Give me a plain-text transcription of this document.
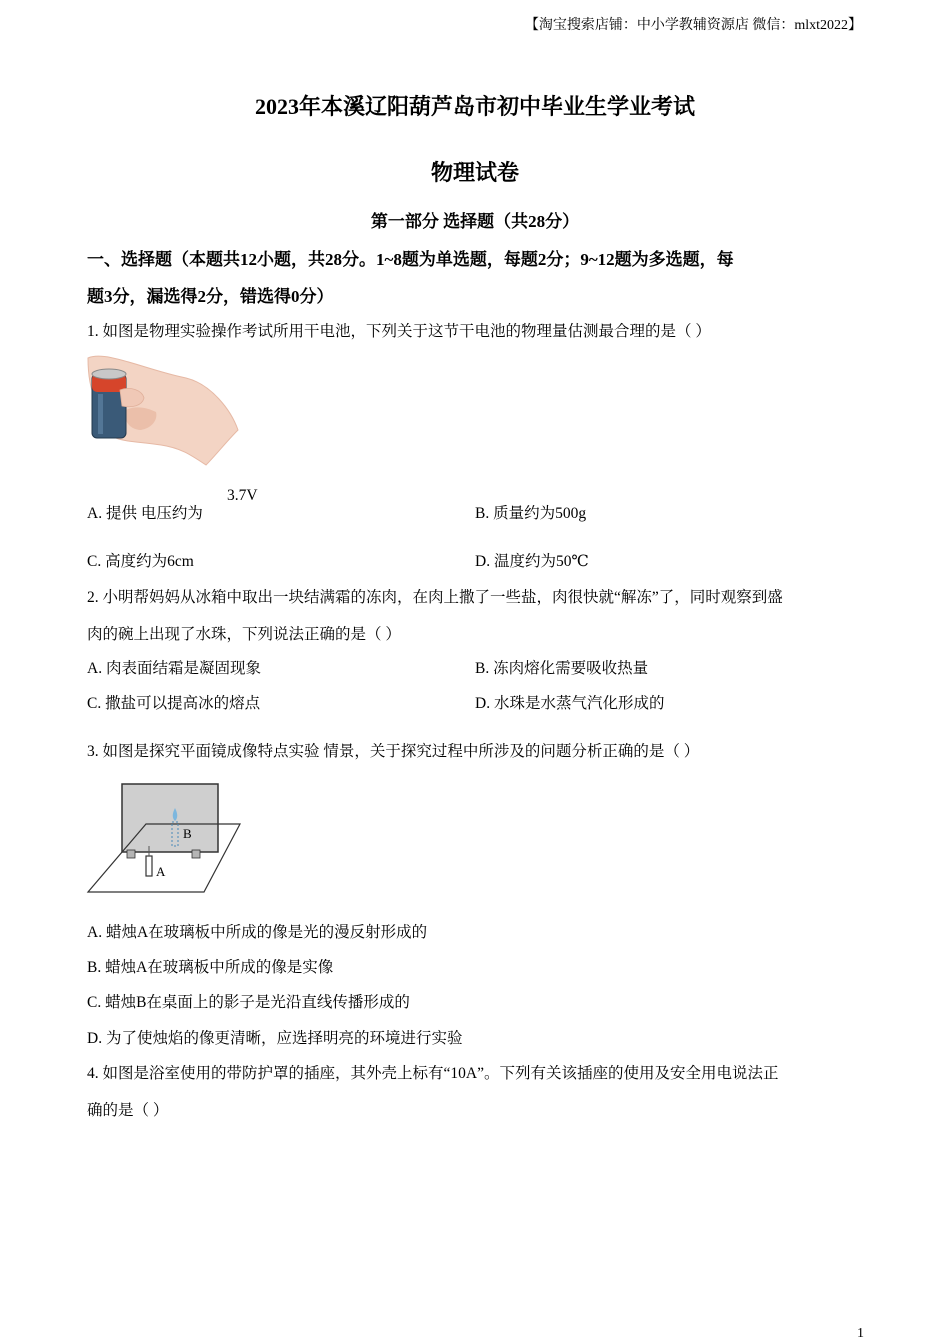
【淘宝搜索店铺：中小学教辅资源店 微信：mlxt2022】
2023年本溪辽阳葫芦岛市初中毕业生学业考试
物理试卷
第一部分 选择题（共28分）
一、选择题（本题共12小题，共28分。1~8题为单选题，每题2分；9~12题为多选题，每
题3分，漏选得2分，错选得0分）
1. 如图是物理实验操作考试所用干电池，下列关于这节干电池的物理量估测最合理的是（ ）
A. 提供 电压约为
3.7V
B. 质量约为500g
C. 高度约为6cm	D. 温度约为50℃
2. 小明帮妈妈从冰箱中取出一块结满霜的冻肉，在肉上撒了一些盐，肉很快就“解冻”了，同时观察到盛
肉的碗上出现了水珠，下列说法正确的是（ ）
A. 肉表面结霜是凝固现象	B. 冻肉熔化需要吸收热量
C. 撒盐可以提高冰的熔点	D. 水珠是水蒸气汽化形成的
3. 如图是探究平面镜成像特点实验 情景，关于探究过程中所涉及的问题分析正确的是（ ）
B
A
A. 蜡烛A在玻璃板中所成的像是光的漫反射形成的
B. 蜡烛A在玻璃板中所成的像是实像
C. 蜡烛B在桌面上的影子是光沿直线传播形成的
D. 为了使烛焰的像更清晰，应选择明亮的环境进行实验
4. 如图是浴室使用的带防护罩的插座，其外壳上标有“10A”。下列有关该插座的使用及安全用电说法正
确的是（ ）
1
